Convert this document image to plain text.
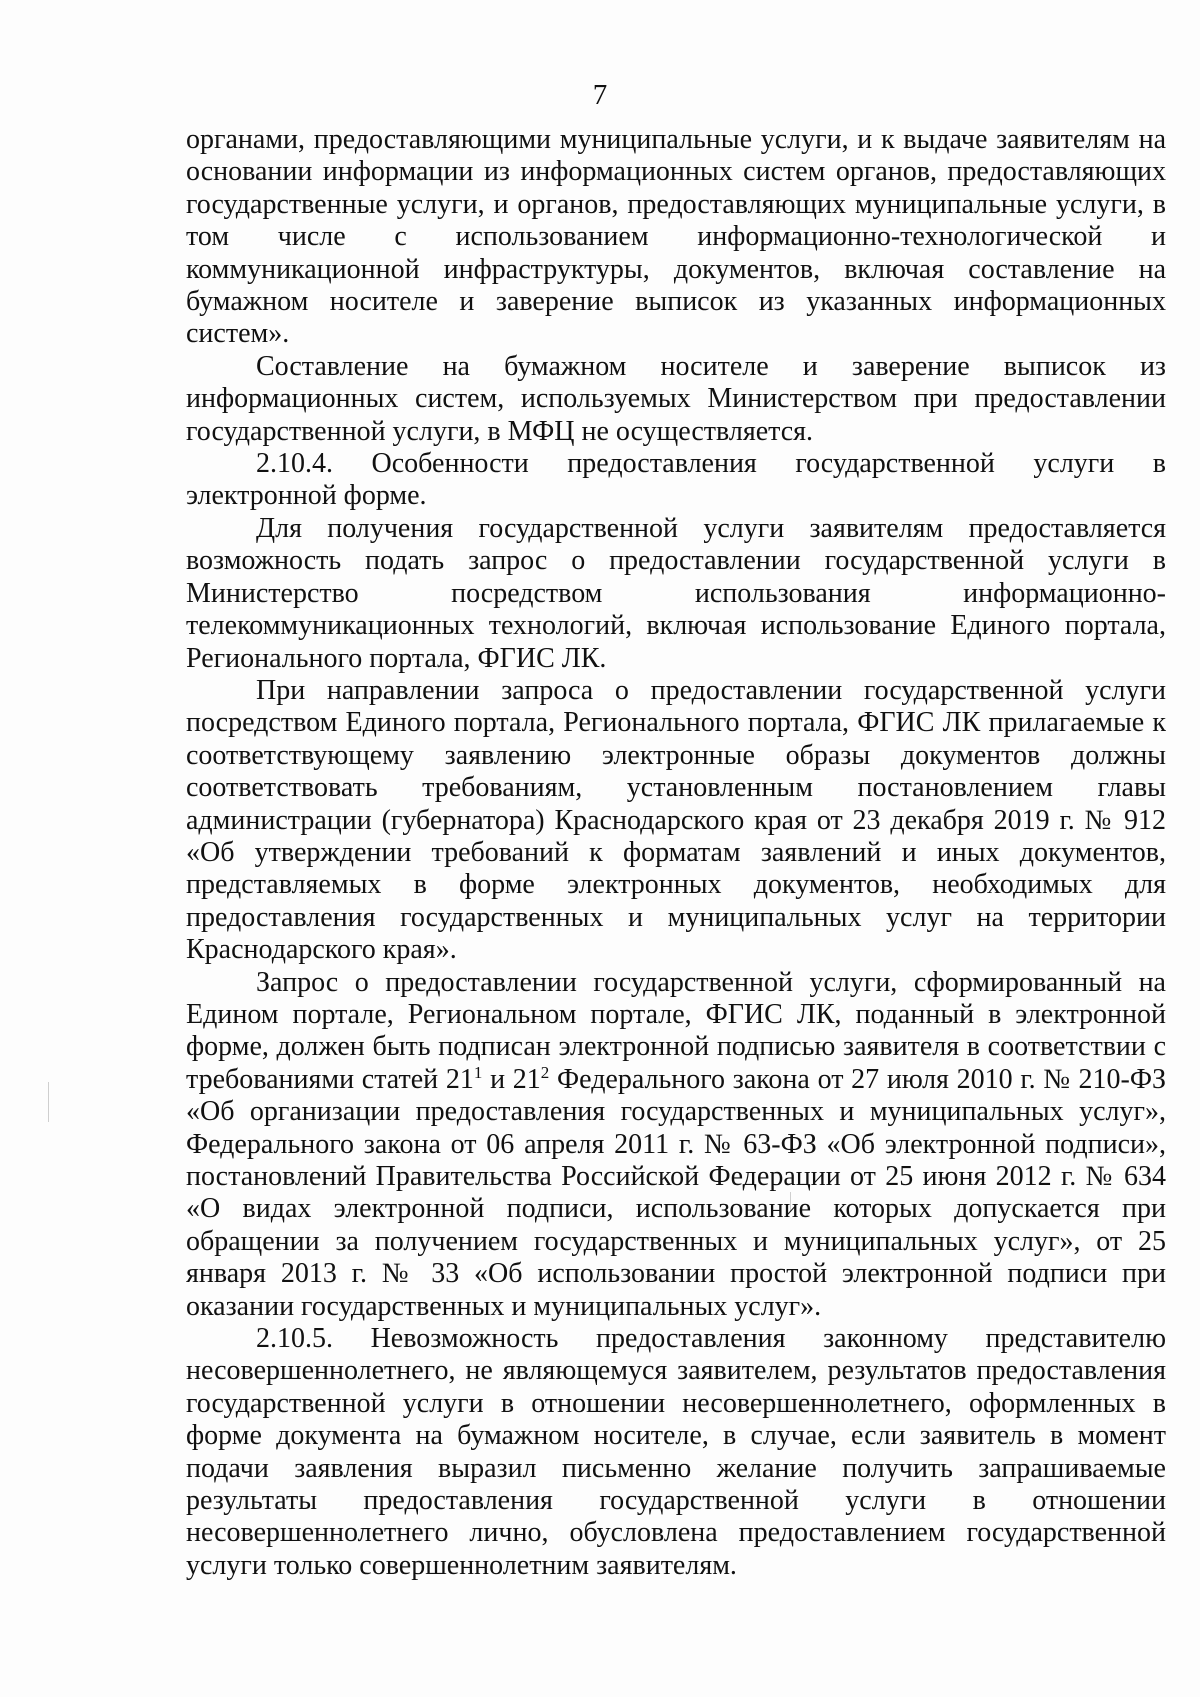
7

органами, предоставляющими муниципальные услуги, и к выдаче заявителям на основании информации из информационных систем органов, предоставляющих государственные услуги, и органов, предоставляющих муниципальные услуги, в том числе с использованием информационно-технологической и коммуникационной инфраструктуры, документов, включая составление на бумажном носителе и заверение выписок из указанных информационных систем».

Составление на бумажном носителе и заверение выписок из информационных систем, используемых Министерством при предоставлении государственной услуги, в МФЦ не осуществляется.

2.10.4. Особенности предоставления государственной услуги в электронной форме.

Для получения государственной услуги заявителям предоставляется возможность подать запрос о предоставлении государственной услуги в Министерство посредством использования информационно-телекоммуникационных технологий, включая использование Единого портала, Регионального портала, ФГИС ЛК.

При направлении запроса о предоставлении государственной услуги посредством Единого портала, Регионального портала, ФГИС ЛК прилагаемые к соответствующему заявлению электронные образы документов должны соответствовать требованиям, установленным постановлением главы администрации (губернатора) Краснодарского края от 23 декабря 2019 г. № 912 «Об утверждении требований к форматам заявлений и иных документов, представляемых в форме электронных документов, необходимых для предоставления государственных и муниципальных услуг на территории Краснодарского края».

Запрос о предоставлении государственной услуги, сформированный на Едином портале, Региональном портале, ФГИС ЛК, поданный в электронной форме, должен быть подписан электронной подписью заявителя в соответствии с требованиями статей $21^1$ и $21^2$ Федерального закона от 27 июля 2010 г. № 210-ФЗ «Об организации предоставления государственных и муниципальных услуг», Федерального закона от 06 апреля 2011 г. № 63-ФЗ «Об электронной подписи», постановлений Правительства Российской Федерации от 25 июня 2012 г. № 634 «О видах электронной подписи, использование которых допускается при обращении за получением государственных и муниципальных услуг», от 25 января 2013 г. № 33 «Об использовании простой электронной подписи при оказании государственных и муниципальных услуг».

2.10.5. Невозможность предоставления законному представителю несовершеннолетнего, не являющемуся заявителем, результатов предоставления государственной услуги в отношении несовершеннолетнего, оформленных в форме документа на бумажном носителе, в случае, если заявитель в момент подачи заявления выразил письменно желание получить запрашиваемые результаты предоставления государственной услуги в отношении несовершеннолетнего лично, обусловлена предоставлением государственной услуги только совершеннолетним заявителям.
